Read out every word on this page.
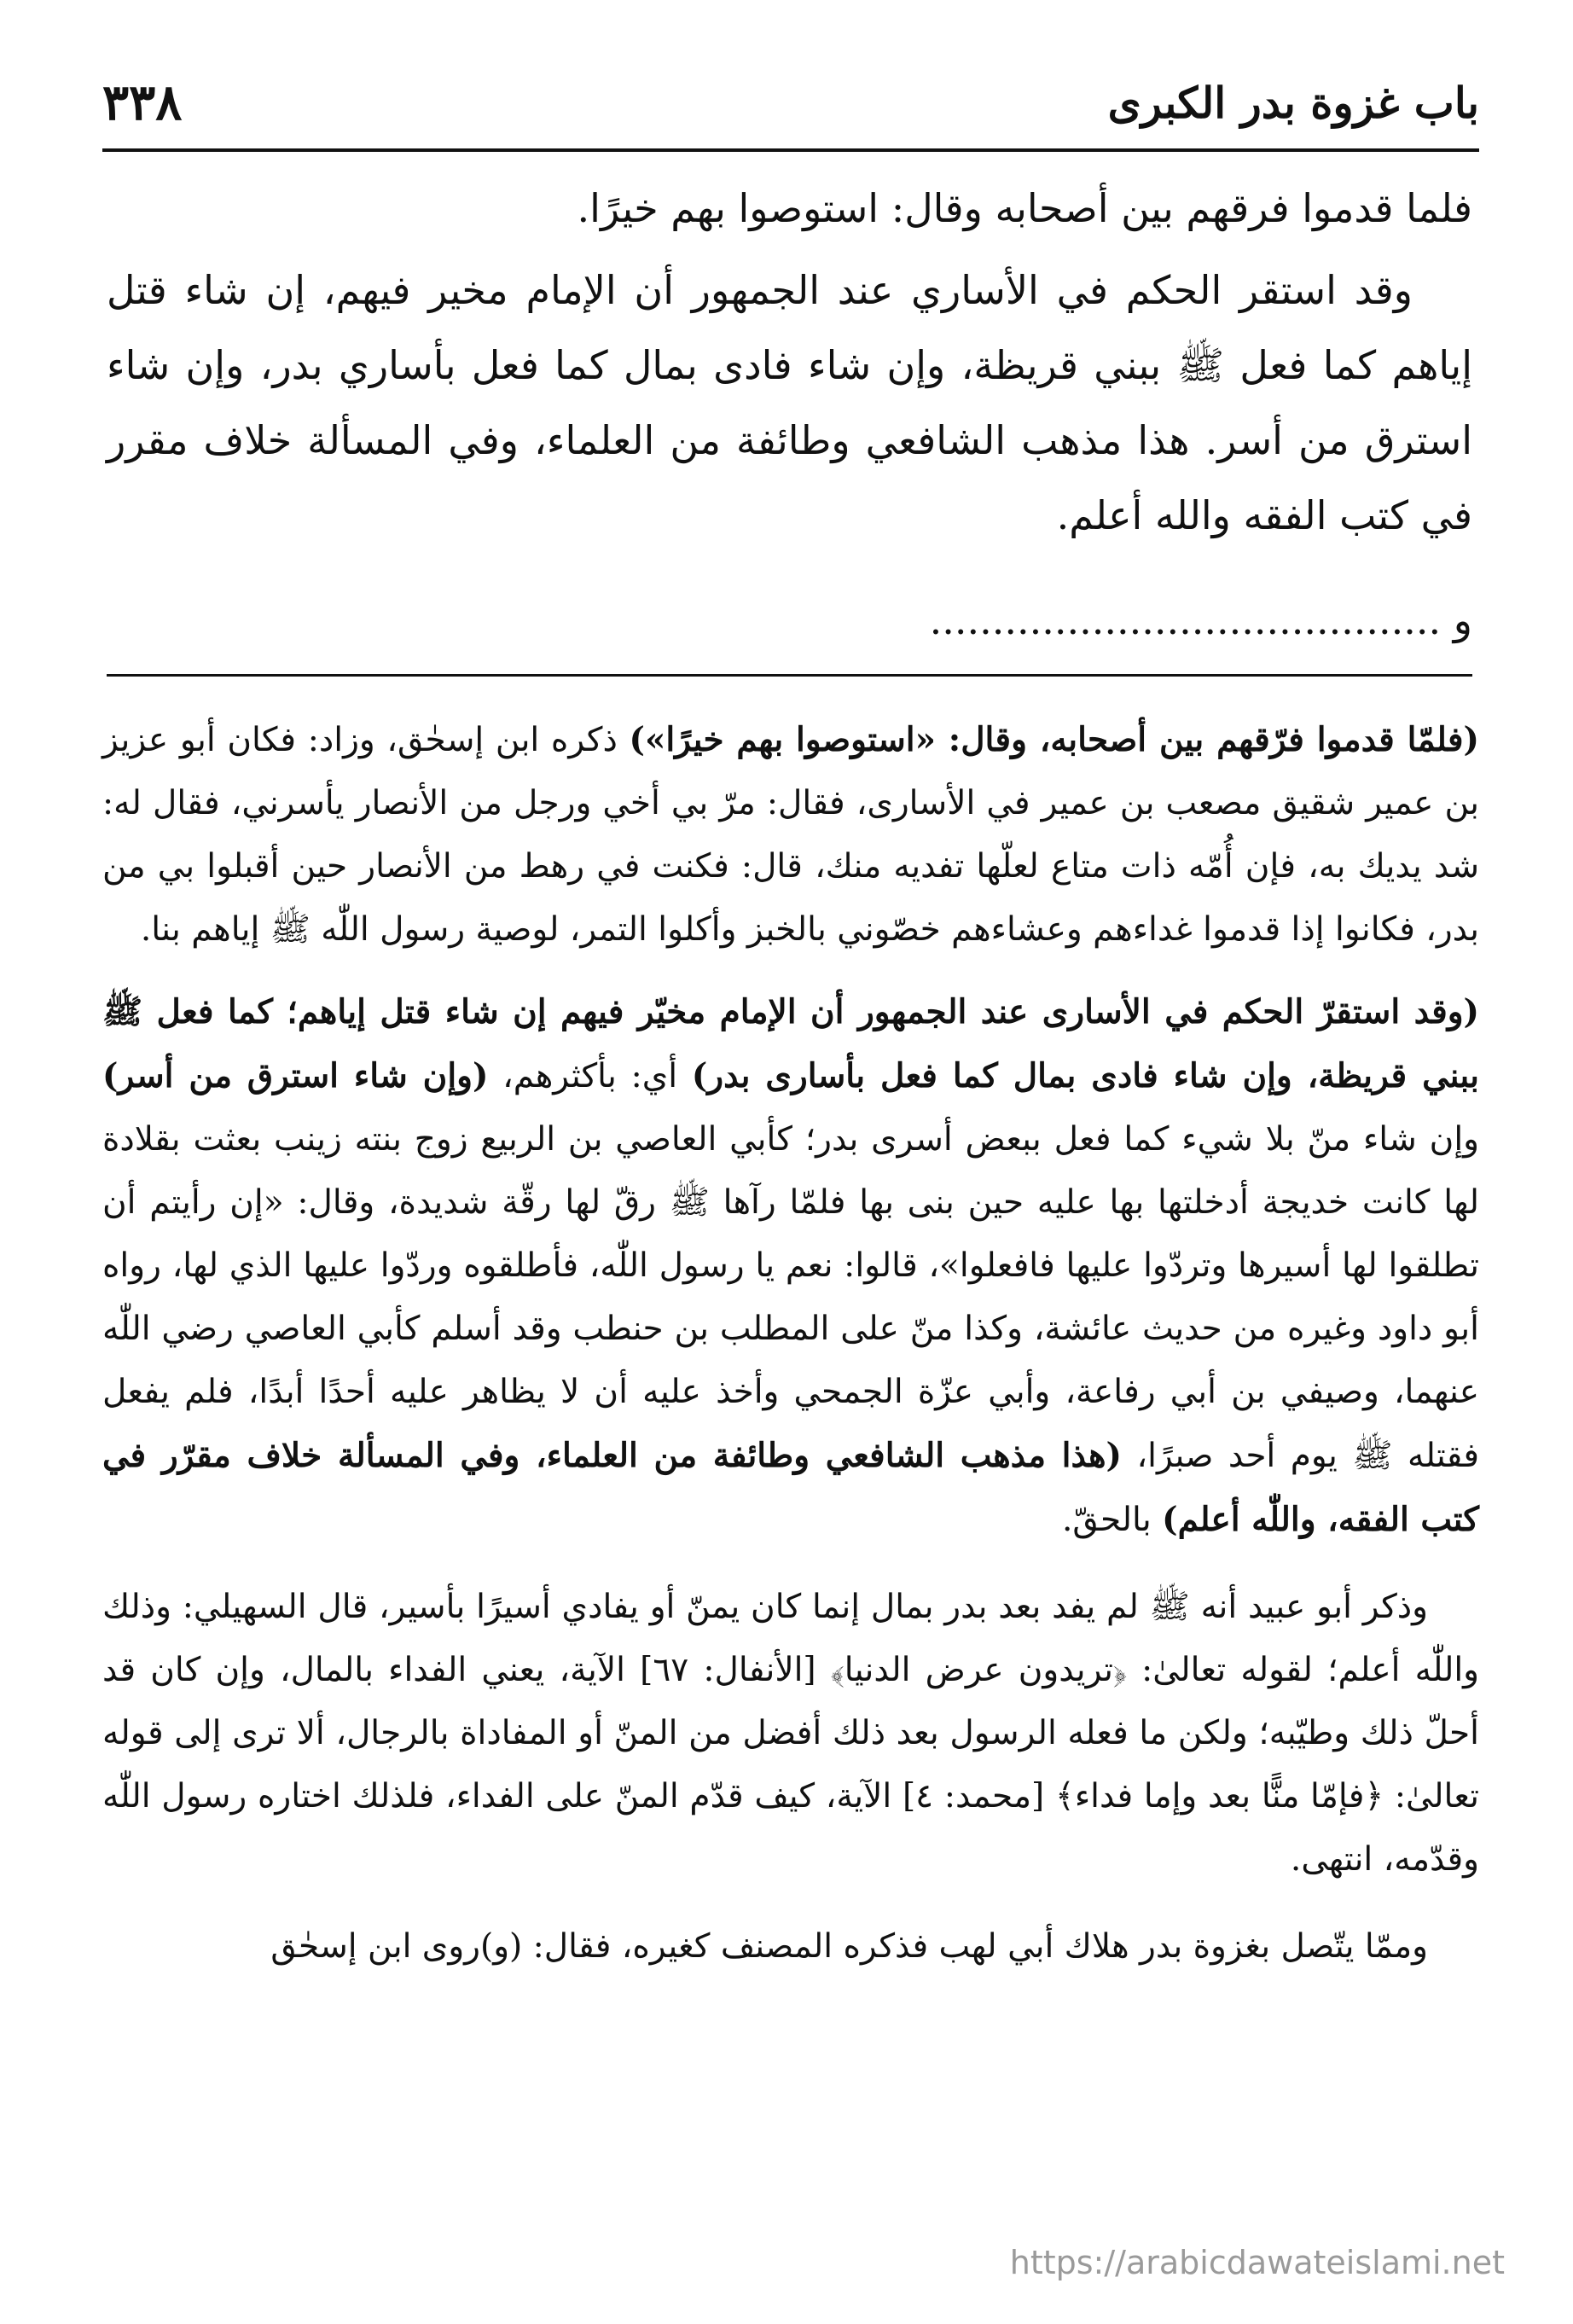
٣٣٨	باب غزوة بدر الكبرى

فلما قدموا فرقهم بين أصحابه وقال: استوصوا بهم خيرًا.

وقد استقر الحكم في الأساري عند الجمهور أن الإمام مخير فيهم، إن شاء قتل إياهم كما فعل ﷺ ببني قريظة، وإن شاء فادى بمال كما فعل بأساري بدر، وإن شاء استرق من أسر. هذا مذهب الشافعي وطائفة من العلماء، وفي المسألة خلاف مقرر في كتب الفقه والله أعلم.

و .........................................

(فلمّا قدموا فرّقهم بين أصحابه، وقال: «استوصوا بهم خيرًا») ذكره ابن إسحٰق، وزاد: فكان أبو عزيز بن عمير شقيق مصعب بن عمير في الأسارى، فقال: مرّ بي أخي ورجل من الأنصار يأسرني، فقال له: شد يديك به، فإن أُمّه ذات متاع لعلّها تفديه منك، قال: فكنت في رهط من الأنصار حين أقبلوا بي من بدر، فكانوا إذا قدموا غداءهم وعشاءهم خصّوني بالخبز وأكلوا التمر، لوصية رسول اللّٰه ﷺ إياهم بنا.

(وقد استقرّ الحكم في الأسارى عند الجمهور أن الإمام مخيّر فيهم إن شاء قتل إياهم؛ كما فعل ﷺ ببني قريظة، وإن شاء فادى بمال كما فعل بأسارى بدر) أي: بأكثرهم، (وإن شاء استرق من أسر) وإن شاء منّ بلا شيء كما فعل ببعض أسرى بدر؛ كأبي العاصي بن الربيع زوج بنته زينب بعثت بقلادة لها كانت خديجة أدخلتها بها عليه حين بنى بها فلمّا رآها ﷺ رقّ لها رقّة شديدة، وقال: «إن رأيتم أن تطلقوا لها أسيرها وتردّوا عليها فافعلوا»، قالوا: نعم يا رسول اللّٰه، فأطلقوه وردّوا عليها الذي لها، رواه أبو داود وغيره من حديث عائشة، وكذا منّ على المطلب بن حنطب وقد أسلم كأبي العاصي رضي اللّٰه عنهما، وصيفي بن أبي رفاعة، وأبي عزّة الجمحي وأخذ عليه أن لا يظاهر عليه أحدًا أبدًا، فلم يفعل فقتله ﷺ يوم أحد صبرًا، (هذا مذهب الشافعي وطائفة من العلماء، وفي المسألة خلاف مقرّر في كتب الفقه، واللّٰه أعلم) بالحقّ.

وذكر أبو عبيد أنه ﷺ لم يفد بعد بدر بمال إنما كان يمنّ أو يفادي أسيرًا بأسير، قال السهيلي: وذلك واللّٰه أعلم؛ لقوله تعالىٰ: ﴿تريدون عرض الدنيا﴾ [الأنفال: ٦٧] الآية، يعني الفداء بالمال، وإن كان قد أحلّ ذلك وطيّبه؛ ولكن ما فعله الرسول بعد ذلك أفضل من المنّ أو المفاداة بالرجال، ألا ترى إلى قوله تعالىٰ: ﴿فإمّا منًّا بعد وإما فداء﴾ [محمد: ٤] الآية، كيف قدّم المنّ على الفداء، فلذلك اختاره رسول اللّٰه وقدّمه، انتهى.

وممّا يتّصل بغزوة بدر هلاك أبي لهب فذكره المصنف كغيره، فقال: (و)روى ابن إسحٰق

https://arabicdawateislami.net
